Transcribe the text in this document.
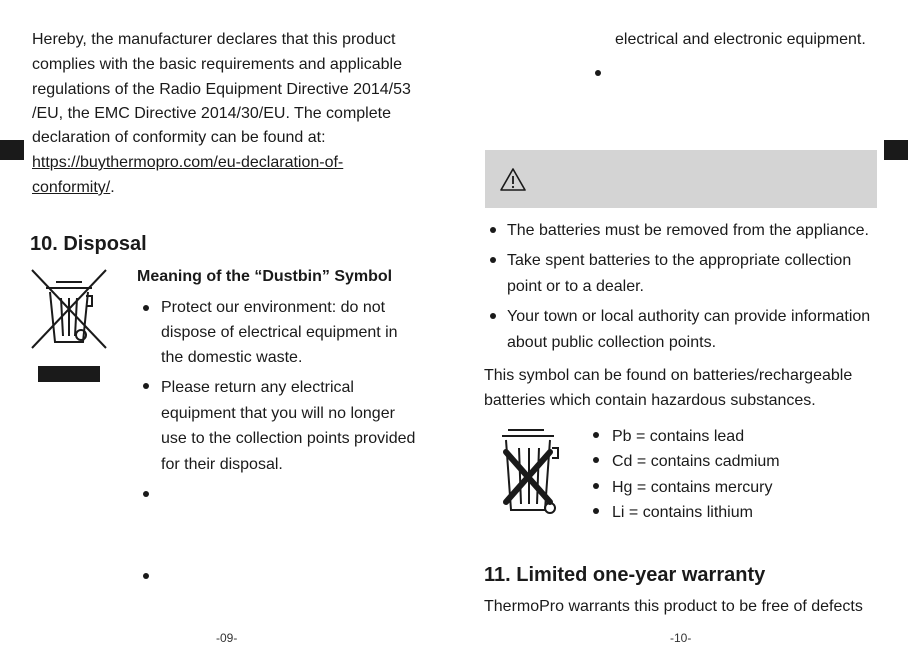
Hereby, the manufacturer declares that this product
complies with the basic requirements and applicable
regulations of the Radio Equipment Directive 2014/53
/EU, the EMC Directive 2014/30/EU. The complete
declaration of conformity can be found at:
https://buythermopro.com/eu-declaration-of-
conformity/.
10. Disposal
Meaning of the “Dustbin” Symbol
Protect our environment: do not
dispose of electrical equipment in
the domestic waste.
Please return any electrical
equipment that you will no longer
use to the collection points provided
for their disposal.
-09-
electrical and electronic equipment.
The batteries must be removed from the appliance.
Take spent batteries to the appropriate collection
point or to a dealer.
Your town or local authority can provide information
about public collection points.
This symbol can be found on batteries/rechargeable
batteries which contain hazardous substances.
Pb = contains lead
Cd = contains cadmium
Hg = contains mercury
Li = contains lithium
11. Limited one-year warranty
ThermoPro warrants this product to be free of defects
-10-
